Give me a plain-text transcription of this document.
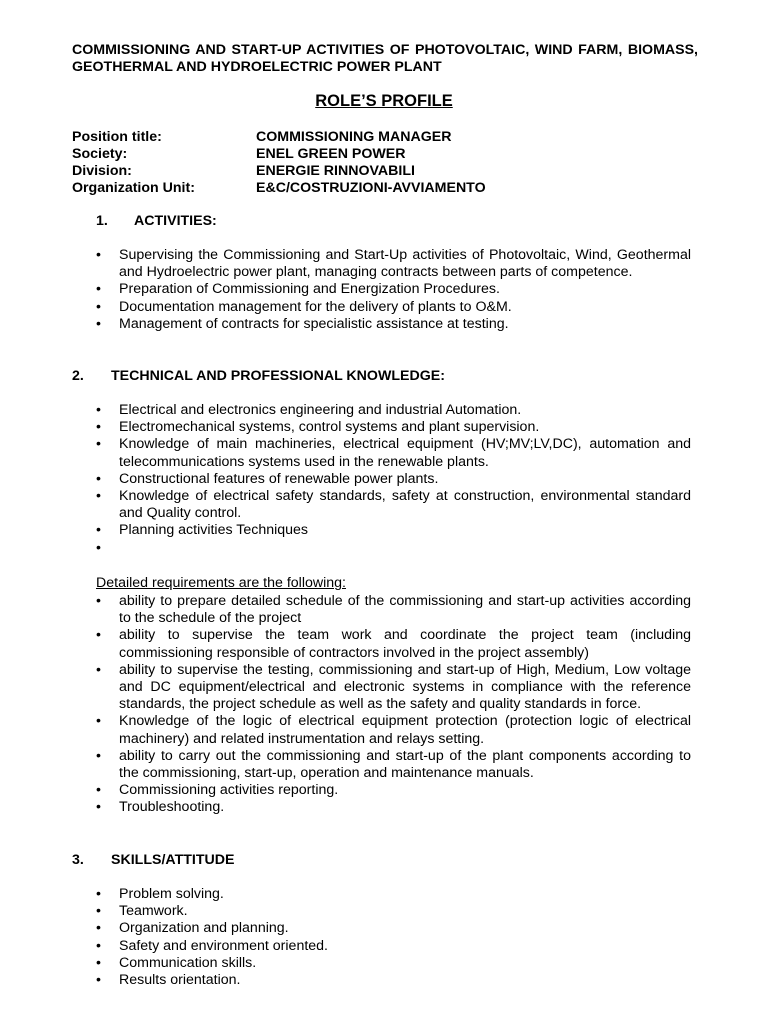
COMMISSIONING AND START-UP ACTIVITIES OF PHOTOVOLTAIC, WIND FARM, BIOMASS, GEOTHERMAL AND HYDROELECTRIC POWER PLANT
ROLE’S PROFILE
Position title:	COMMISSIONING MANAGER
Society:	ENEL GREEN POWER
Division:	ENERGIE RINNOVABILI
Organization Unit:	E&C/COSTRUZIONI-AVVIAMENTO
1. ACTIVITIES:
• Supervising the Commissioning and Start-Up activities of Photovoltaic, Wind, Geothermal and Hydroelectric power plant, managing contracts between parts of competence.
• Preparation of Commissioning and Energization Procedures.
• Documentation management for the delivery of plants to O&M.
• Management of contracts for specialistic assistance at testing.
2. TECHNICAL AND PROFESSIONAL KNOWLEDGE:
• Electrical and electronics engineering and industrial Automation.
• Electromechanical systems, control systems and plant supervision.
• Knowledge of main machineries, electrical equipment (HV;MV;LV,DC), automation and telecommunications systems used in the renewable plants.
• Constructional features of renewable power plants.
• Knowledge of electrical safety standards, safety at construction, environmental standard and Quality control.
• Planning activities Techniques
•
Detailed requirements are the following:
• ability to prepare detailed schedule of the commissioning and start-up activities according to the schedule of the project
• ability to supervise the team work and coordinate the project team (including commissioning responsible of contractors involved in the project assembly)
• ability to supervise the testing, commissioning and start-up of High, Medium, Low voltage and DC equipment/electrical and electronic systems in compliance with the reference standards, the project schedule as well as the safety and quality standards in force.
• Knowledge of the logic of electrical equipment protection (protection logic of electrical machinery) and related instrumentation and relays setting.
• ability to carry out the commissioning and start-up of the plant components according to the commissioning, start-up, operation and maintenance manuals.
• Commissioning activities reporting.
• Troubleshooting.
3. SKILLS/ATTITUDE
• Problem solving.
• Teamwork.
• Organization and planning.
• Safety and environment oriented.
• Communication skills.
• Results orientation.
